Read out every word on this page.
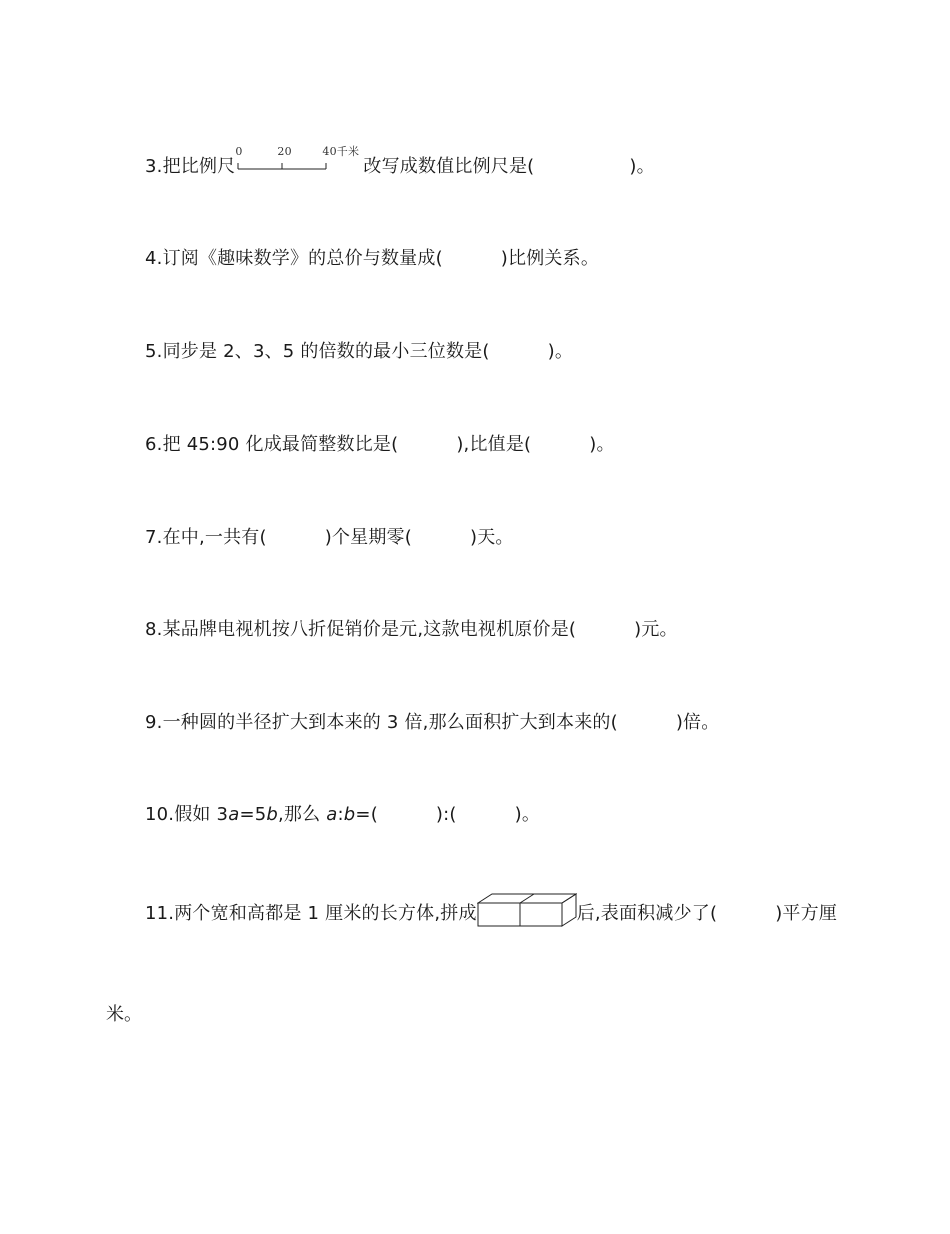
3.把比例尺
0	20	40千米
改写成数值比例尺是(	)。
4.订阅《趣味数学》的总价与数量成(	)比例关系。
5.同步是 2、3、5 的倍数的最小三位数是(	)。
6.把 45:90 化成最简整数比是(	),比值是(	)。
7.在中,一共有(	)个星期零(	)天。
8.某品牌电视机按八折促销价是元,这款电视机原价是(	)元。
9.一种圆的半径扩大到本来的 3 倍,那么面积扩大到本来的(	)倍。
10.假如 3a=5b,那么 a:b=(	):(	)。
11.两个宽和高都是 1 厘米的长方体,拼成	后,表面积减少了(	)平方厘
米。
